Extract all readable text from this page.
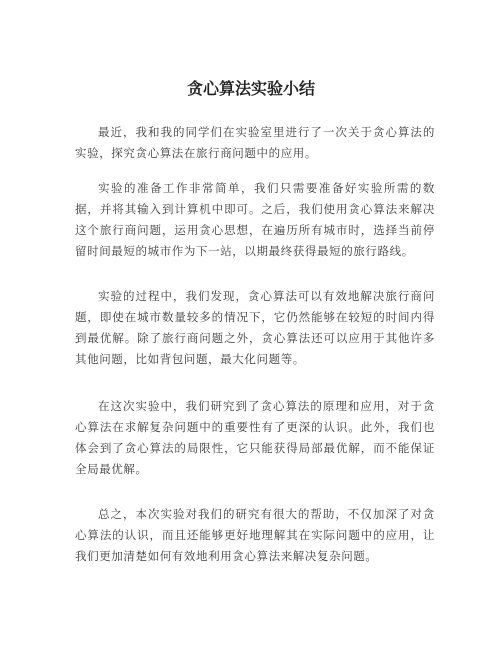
贪心算法实验小结

最近，我和我的同学们在实验室里进行了一次关于贪心算法的实验，探究贪心算法在旅行商问题中的应用。

实验的准备工作非常简单，我们只需要准备好实验所需的数据，并将其输入到计算机中即可。之后，我们使用贪心算法来解决这个旅行商问题，运用贪心思想，在遍历所有城市时，选择当前停留时间最短的城市作为下一站，以期最终获得最短的旅行路线。

实验的过程中，我们发现，贪心算法可以有效地解决旅行商问题，即使在城市数量较多的情况下，它仍然能够在较短的时间内得到最优解。除了旅行商问题之外，贪心算法还可以应用于其他许多其他问题，比如背包问题，最大化问题等。

在这次实验中，我们研究到了贪心算法的原理和应用，对于贪心算法在求解复杂问题中的重要性有了更深的认识。此外，我们也体会到了贪心算法的局限性，它只能获得局部最优解，而不能保证全局最优解。

总之，本次实验对我们的研究有很大的帮助，不仅加深了对贪心算法的认识，而且还能够更好地理解其在实际问题中的应用，让我们更加清楚如何有效地利用贪心算法来解决复杂问题。
